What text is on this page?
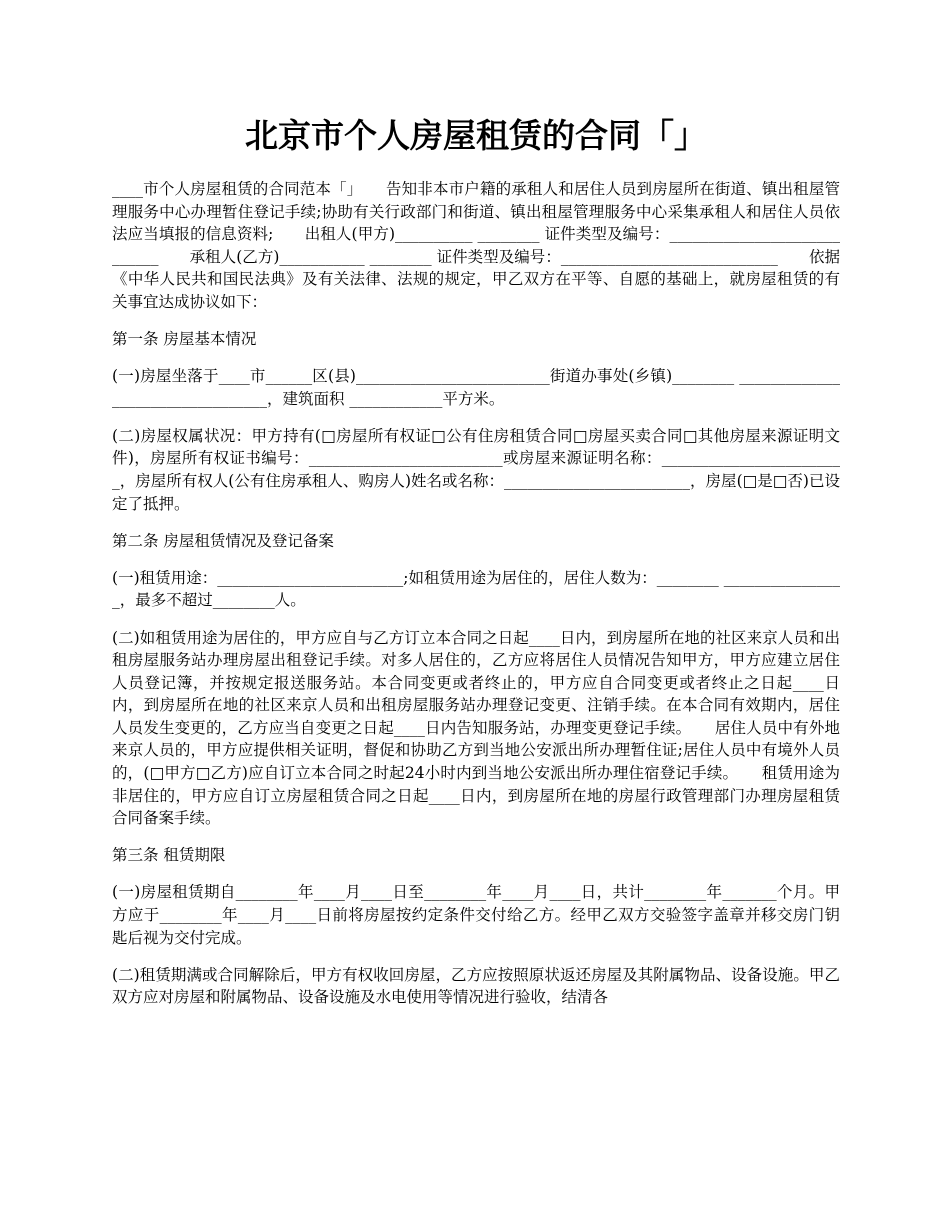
北京市个人房屋租赁的合同「」

____市个人房屋租赁的合同范本「」　　告知非本市户籍的承租人和居住人员到房屋所在街道、镇出租屋管理服务中心办理暂住登记手续;协助有关行政部门和街道、镇出租屋管理服务中心采集承租人和居住人员依法应当填报的信息资料;　　出租人(甲方)__________ ________ 证件类型及编号：____________________________　　承租人(乙方)___________ ________ 证件类型及编号：____________________________　　依据《中华人民共和国民法典》及有关法律、法规的规定，甲乙双方在平等、自愿的基础上，就房屋租赁的有关事宜达成协议如下：

第一条 房屋基本情况

(一)房屋坐落于____市______区(县)_________________________街道办事处(乡镇)________ _________________________________，建筑面积 ____________平方米。

(二)房屋权属状况：甲方持有(□房屋所有权证□公有住房租赁合同□房屋买卖合同□其他房屋来源证明文件)，房屋所有权证书编号：_________________________或房屋来源证明名称：________________________，房屋所有权人(公有住房承租人、购房人)姓名或名称：________________________，房屋(□是□否)已设定了抵押。

第二条 房屋租赁情况及登记备案

(一)租赁用途：________________________;如租赁用途为居住的，居住人数为：________ ________________，最多不超过________人。

(二)如租赁用途为居住的，甲方应自与乙方订立本合同之日起____日内，到房屋所在地的社区来京人员和出租房屋服务站办理房屋出租登记手续。对多人居住的，乙方应将居住人员情况告知甲方，甲方应建立居住人员登记簿，并按规定报送服务站。本合同变更或者终止的，甲方应自合同变更或者终止之日起____日内，到房屋所在地的社区来京人员和出租房屋服务站办理登记变更、注销手续。在本合同有效期内，居住人员发生变更的，乙方应当自变更之日起____日内告知服务站，办理变更登记手续。　　居住人员中有外地来京人员的，甲方应提供相关证明，督促和协助乙方到当地公安派出所办理暂住证;居住人员中有境外人员的，(□甲方□乙方)应自订立本合同之时起24小时内到当地公安派出所办理住宿登记手续。　　租赁用途为非居住的，甲方应自订立房屋租赁合同之日起____日内，到房屋所在地的房屋行政管理部门办理房屋租赁合同备案手续。

第三条 租赁期限

(一)房屋租赁期自________年____月____日至________年____月____日，共计________年_______个月。甲方应于________年____月____日前将房屋按约定条件交付给乙方。经甲乙双方交验签字盖章并移交房门钥匙后视为交付完成。

(二)租赁期满或合同解除后，甲方有权收回房屋，乙方应按照原状返还房屋及其附属物品、设备设施。甲乙双方应对房屋和附属物品、设备设施及水电使用等情况进行验收，结清各
